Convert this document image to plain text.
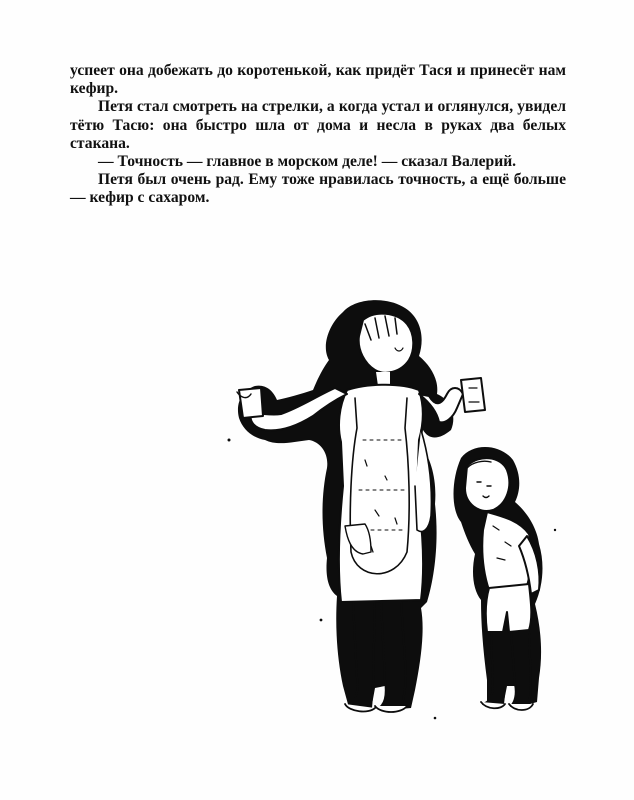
успеет она добежать до коротенькой, как придёт Тася и принесёт нам кефир.

Петя стал смотреть на стрелки, а когда устал и оглянулся, увидел тётю Тасю: она быстро шла от дома и несла в руках два белых стакана.

— Точность — главное в морском деле! — сказал Валерий.

Петя был очень рад. Ему тоже нравилась точность, а ещё больше — кефир с сахаром.
